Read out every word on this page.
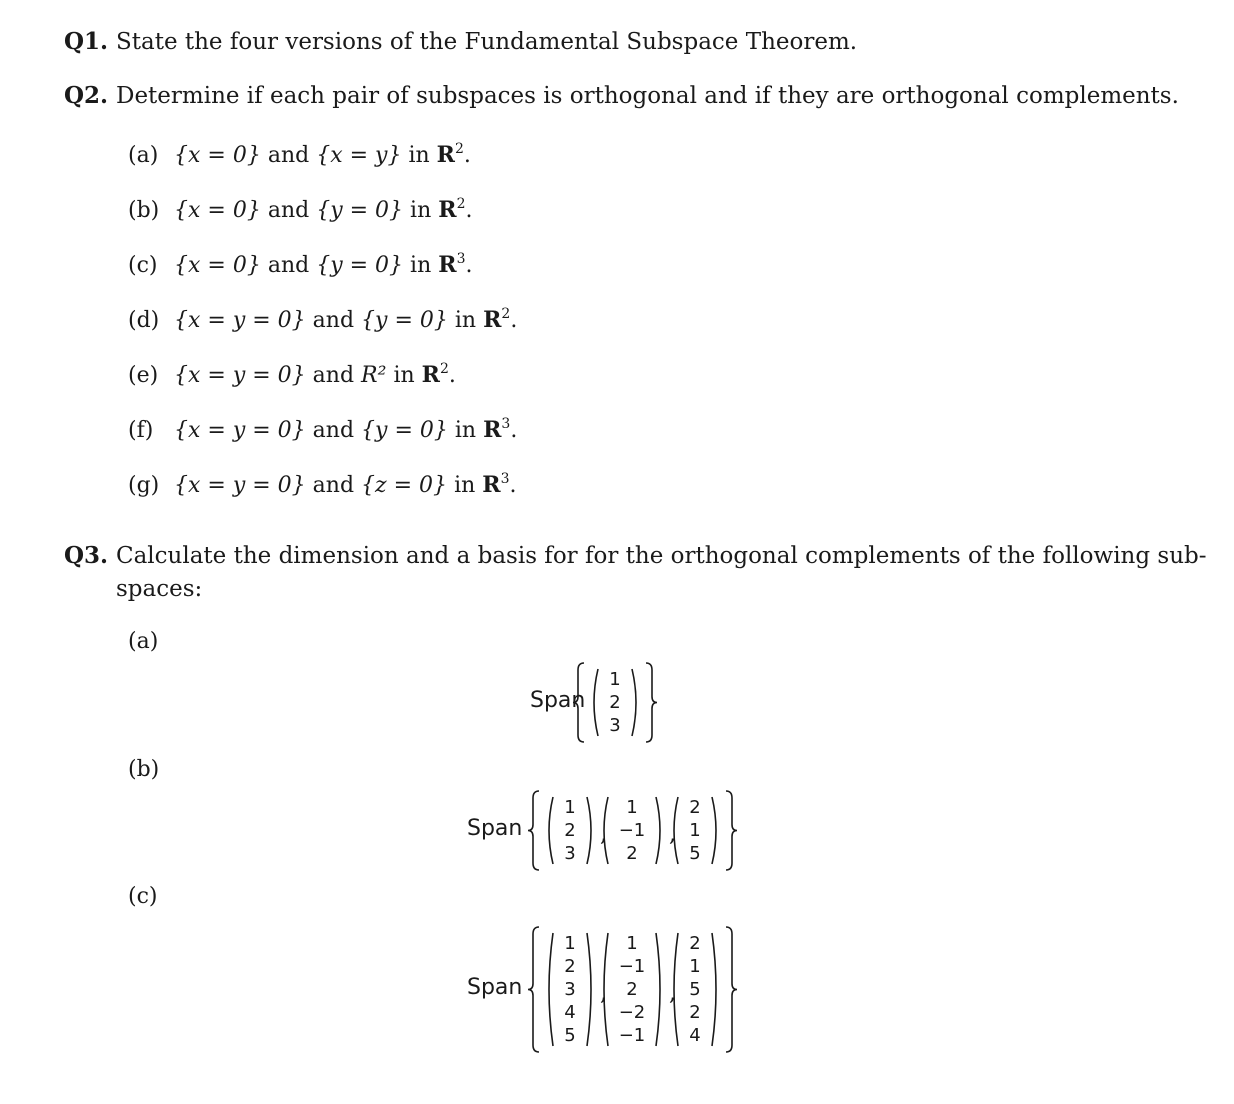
Q1. State the four versions of the Fundamental Subspace Theorem.
Q2. Determine if each pair of subspaces is orthogonal and if they are orthogonal complements.
(a) {x = 0} and {x = y} in $R^2$.
(b) {x = 0} and {y = 0} in $R^2$.
(c) {x = 0} and {y = 0} in $R^3$.
(d) {x = y = 0} and {y = 0} in $R^2$.
(e) {x = y = 0} and R² in $R^2$.
(f) {x = y = 0} and {y = 0} in $R^3$.
(g) {x = y = 0} and {z = 0} in $R^3$.
Q3. Calculate the dimension and a basis for for the orthogonal complements of the following sub-
spaces:
(a)
(b)
(c)
Span
1
2
3
Span
1
2
3
,
1
−1
2
,
2
1
5
Span
1
2
3
4
5
,
1
−1
2
−2
−1
,
2
1
5
2
4
